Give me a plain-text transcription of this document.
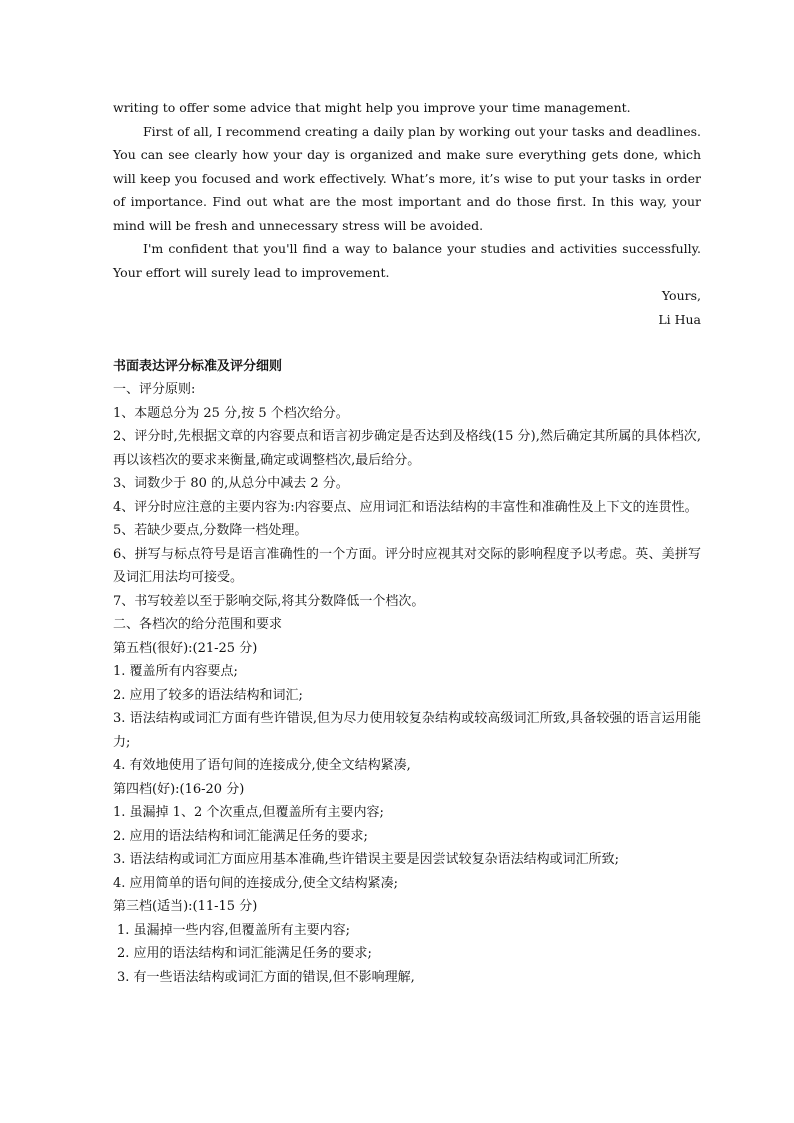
writing to offer some advice that might help you improve your time management.

First of all, I recommend creating a daily plan by working out your tasks and deadlines. You can see clearly how your day is organized and make sure everything gets done, which will keep you focused and work effectively. What’s more, it’s wise to put your tasks in order of importance. Find out what are the most important and do those first. In this way, your mind will be fresh and unnecessary stress will be avoided.

I'm confident that you'll find a way to balance your studies and activities successfully. Your effort will surely lead to improvement.

Yours,

Li Hua

书面表达评分标准及评分细则

一、评分原则:

1、本题总分为 25 分,按 5 个档次给分。

2、评分时,先根据文章的内容要点和语言初步确定是否达到及格线(15 分),然后确定其所属的具体档次,再以该档次的要求来衡量,确定或调整档次,最后给分。

3、词数少于 80 的,从总分中减去 2 分。

4、评分时应注意的主要内容为:内容要点、应用词汇和语法结构的丰富性和准确性及上下文的连贯性。

5、若缺少要点,分数降一档处理。

6、拼写与标点符号是语言准确性的一个方面。评分时应视其对交际的影响程度予以考虑。英、美拼写及词汇用法均可接受。

7、书写较差以至于影响交际,将其分数降低一个档次。

二、各档次的给分范围和要求

第五档(很好):(21-25 分)

1. 覆盖所有内容要点;

2. 应用了较多的语法结构和词汇;

3. 语法结构或词汇方面有些许错误,但为尽力使用较复杂结构或较高级词汇所致,具备较强的语言运用能力;

4. 有效地使用了语句间的连接成分,使全文结构紧凑,

第四档(好):(16-20 分)

1. 虽漏掉 1、2 个次重点,但覆盖所有主要内容;

2. 应用的语法结构和词汇能满足任务的要求;

3. 语法结构或词汇方面应用基本准确,些许错误主要是因尝试较复杂语法结构或词汇所致;

4. 应用简单的语句间的连接成分,使全文结构紧凑;

第三档(适当):(11-15 分)

1. 虽漏掉一些内容,但覆盖所有主要内容;

2. 应用的语法结构和词汇能满足任务的要求;

3. 有一些语法结构或词汇方面的错误,但不影响理解,
